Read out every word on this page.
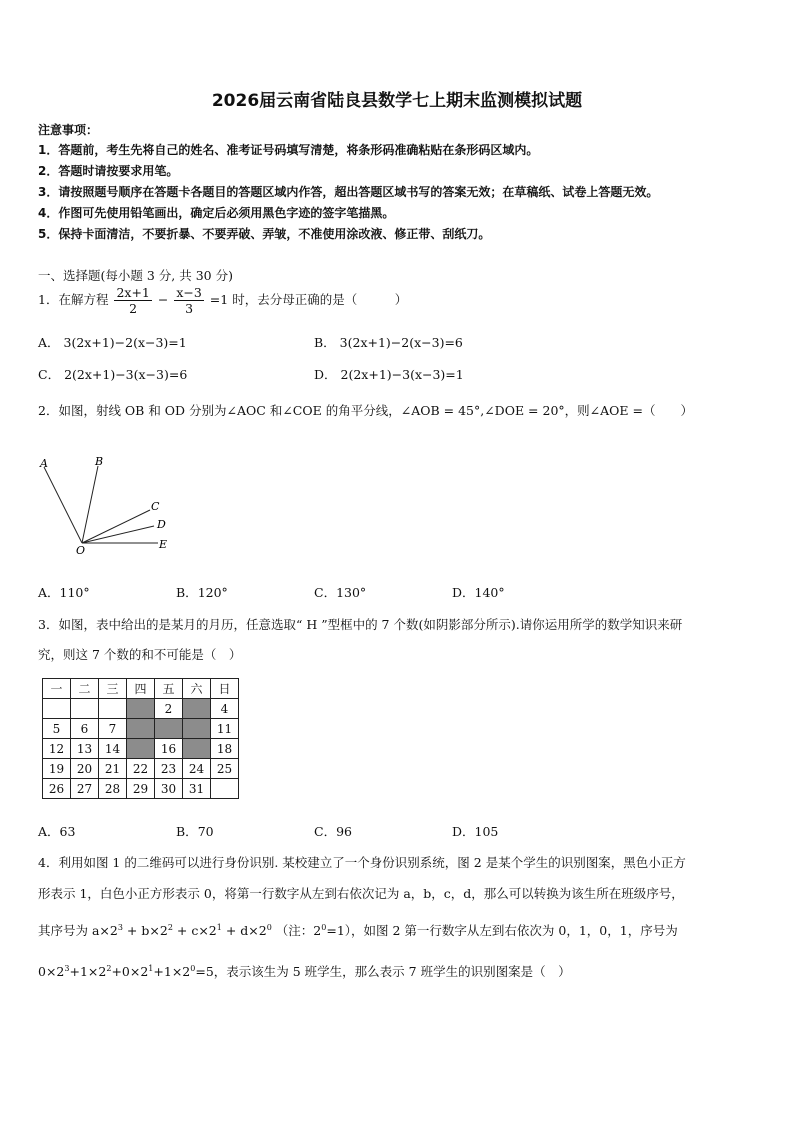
2026届云南省陆良县数学七上期末监测模拟试题
注意事项：
1．答题前，考生先将自己的姓名、准考证号码填写清楚，将条形码准确粘贴在条形码区域内。
2．答题时请按要求用笔。
3．请按照题号顺序在答题卡各题目的答题区域内作答，超出答题区域书写的答案无效；在草稿纸、试卷上答题无效。
4．作图可先使用铅笔画出，确定后必须用黑色字迹的签字笔描黑。
5．保持卡面清洁，不要折暴、不要弄破、弄皱，不准使用涂改液、修正带、刮纸刀。
一、选择题(每小题 3 分, 共 30 分)
1．在解方程 $\frac{2x+1}{2} - \frac{x-3}{3} =1$ 时，去分母正确的是（　　　）
A． 3(2x+1)−2(x−3)=1	B． 3(2x+1)−2(x−3)=6
C． 2(2x+1)−3(x−3)=6	D． 2(2x+1)−3(x−3)=1
2．如图，射线 OB 和 OD 分别为∠AOC 和∠COE 的角平分线，∠AOB = 45°,∠DOE = 20°，则∠AOE =（　　）
A	B
C
D
E
O
A．110°	B．120°	C．130°	D．140°
3．如图，表中给出的是某月的月历，任意选取“ H ”型框中的 7 个数(如阴影部分所示).请你运用所学的数学知识来研
究，则这 7 个数的和不可能是（　）
一	二	三	四	五	六	日
				2		4
5	6	7				11
12	13	14		16		18
19	20	21	22	23	24	25
26	27	28	29	30	31	
A．63	B．70	C．96	D．105
4．利用如图 1 的二维码可以进行身份识别. 某校建立了一个身份识别系统，图 2 是某个学生的识别图案，黑色小正方
形表示 1，白色小正方形表示 0，将第一行数字从左到右依次记为 a，b，c，d，那么可以转换为该生所在班级序号，
其序号为 $a\times 2^3 + b\times 2^2 + c\times 2^1 + d\times 2^0$ （注：$2^0=1$），如图 2 第一行数字从左到右依次为 0，1，0，1，序号为
$0\times 2^3+1\times 2^2+0\times 2^1+1\times 2^0=5$，表示该生为 5 班学生，那么表示 7 班学生的识别图案是（　）
